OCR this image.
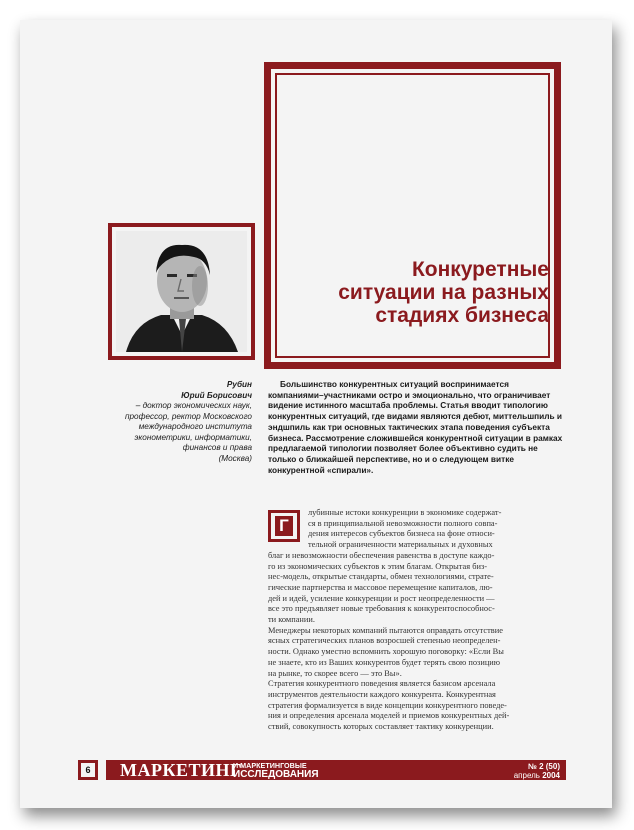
Конкуретные
ситуации на разных
стадиях бизнеса
Рубин
Юрий Борисович
– доктор экономических наук,
профессор, ректор Московского
международного института
эконометрики, информатики,
финансов и права
(Москва)

Большинство конкурентных ситуаций воспринимается компаниями–участниками остро и эмоционально, что ограничивает видение истинного масштаба проблемы. Статья вводит типологию конкурентных ситуаций, где видами являются дебют, миттельшпиль и эндшпиль как три основных тактических этапа поведения субъекта бизнеса. Рассмотрение сложившейся конкурентной ситуации в рамках предлагаемой типологии позволяет более объективно судить не только о ближайшей перспективе, но и о следующем витке конкурентной «спирали».

Г

лубинные истоки конкуренции в экономике содержат-
ся в принципиальной невозможности полного совпа-
дения интересов субъектов бизнеса на фоне относи-
тельной ограниченности материальных и духовных
благ и невозможности обеспечения равенства в доступе каждо-
го из экономических субъектов к этим благам. Открытая биз-
нес-модель, открытые стандарты, обмен технологиями, страте-
гические партнерства и массовое перемещение капиталов, лю-
дей и идей, усиление конкуренции и рост неопределенности —
все это предъявляет новые требования к конкурентоспособнос-
ти компании.

Менеджеры некоторых компаний пытаются оправдать отсутствие
ясных стратегических планов возросшей степенью неопределен-
ности. Однако уместно вспомнить хорошую поговорку: «Если Вы
не знаете, кто из Ваших конкурентов будет терять свою позицию
на рынке, то скорее всего — это Вы».

Стратегия конкурентного поведения является базисом арсенала
инструментов деятельности каждого конкурента. Конкурентная
стратегия формализуется в виде концепции конкурентного поведе-
ния и определения арсенала моделей и приемов конкурентных дей-
ствий, совокупность которых составляет тактику конкуренции.

6 МАРКЕТИНГ
И МАРКЕТИНГОВЫЕ
ИССЛЕДОВАНИЯ
№ 2 (50)
апрель 2004
